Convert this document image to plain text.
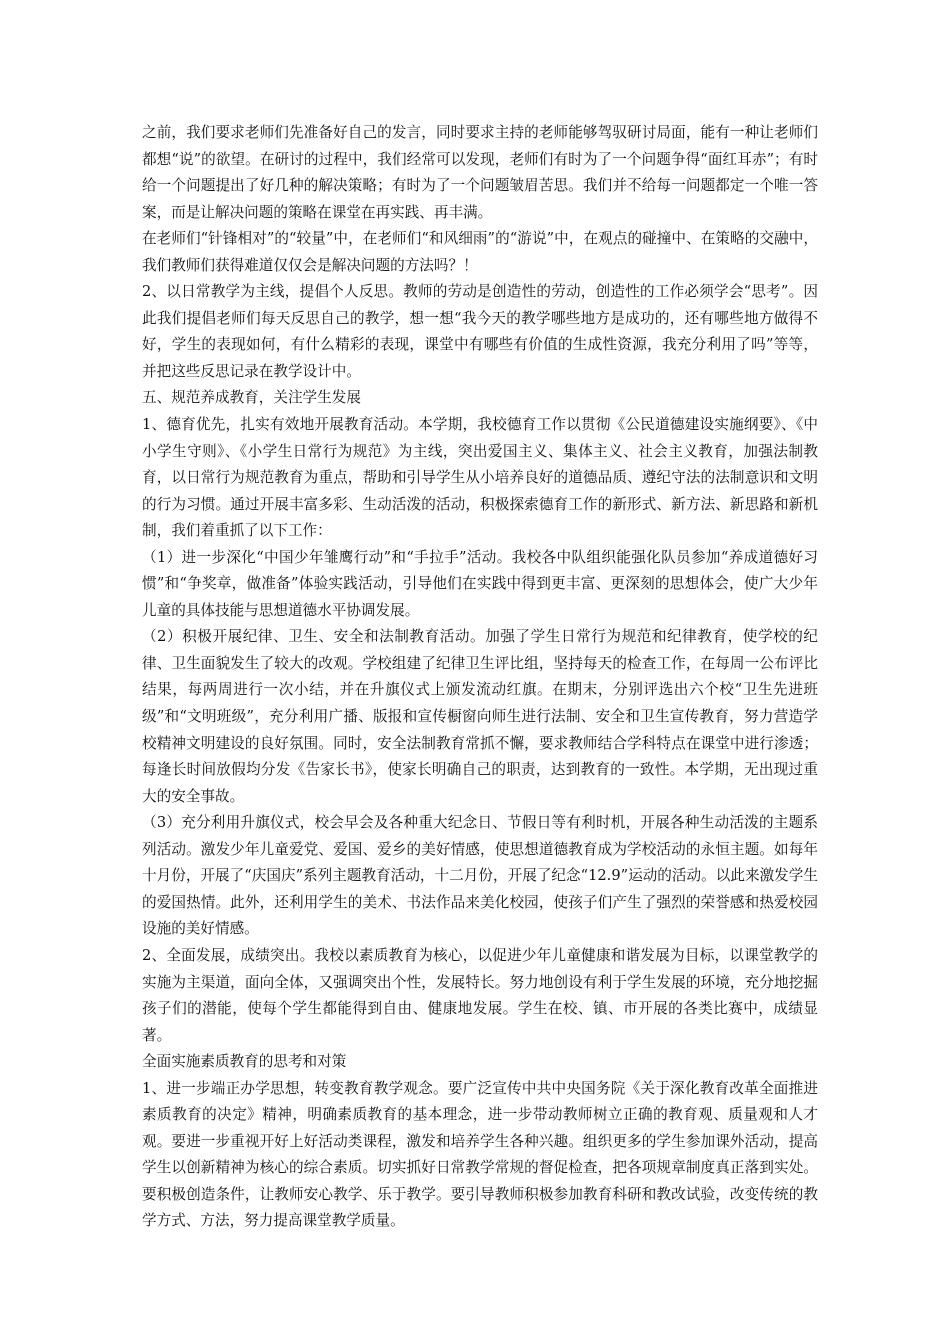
之前，我们要求老师们先准备好自己的发言，同时要求主持的老师能够驾驭研讨局面，能有一种让老师们都想“说”的欲望。在研讨的过程中，我们经常可以发现，老师们有时为了一个问题争得“面红耳赤”；有时给一个问题提出了好几种的解决策略；有时为了一个问题皱眉苦思。我们并不给每一问题都定一个唯一答案，而是让解决问题的策略在课堂在再实践、再丰满。

在老师们“针锋相对”的“较量”中，在老师们“和风细雨”的“游说”中，在观点的碰撞中、在策略的交融中，我们教师们获得难道仅仅会是解决问题的方法吗？！

2、以日常教学为主线，提倡个人反思。教师的劳动是创造性的劳动，创造性的工作必须学会“思考”。因此我们提倡老师们每天反思自己的教学，想一想“我今天的教学哪些地方是成功的，还有哪些地方做得不好，学生的表现如何，有什么精彩的表现，课堂中有哪些有价值的生成性资源，我充分利用了吗”等等，并把这些反思记录在教学设计中。

五、规范养成教育，关注学生发展

1、德育优先，扎实有效地开展教育活动。本学期，我校德育工作以贯彻《公民道德建设实施纲要》、《中小学生守则》、《小学生日常行为规范》为主线，突出爱国主义、集体主义、社会主义教育，加强法制教育，以日常行为规范教育为重点，帮助和引导学生从小培养良好的道德品质、遵纪守法的法制意识和文明的行为习惯。通过开展丰富多彩、生动活泼的活动，积极探索德育工作的新形式、新方法、新思路和新机制，我们着重抓了以下工作：

（1）进一步深化“中国少年雏鹰行动”和“手拉手”活动。我校各中队组织能强化队员参加“养成道德好习惯”和“争奖章，做准备”体验实践活动，引导他们在实践中得到更丰富、更深刻的思想体会，使广大少年儿童的具体技能与思想道德水平协调发展。

（2）积极开展纪律、卫生、安全和法制教育活动。加强了学生日常行为规范和纪律教育，使学校的纪律、卫生面貌发生了较大的改观。学校组建了纪律卫生评比组，坚持每天的检查工作，在每周一公布评比结果，每两周进行一次小结，并在升旗仪式上颁发流动红旗。在期末，分别评选出六个校“卫生先进班级”和“文明班级”，充分利用广播、版报和宣传橱窗向师生进行法制、安全和卫生宣传教育，努力营造学校精神文明建设的良好氛围。同时，安全法制教育常抓不懈，要求教师结合学科特点在课堂中进行渗透；每逢长时间放假均分发《告家长书》，使家长明确自己的职责，达到教育的一致性。本学期，无出现过重大的安全事故。

（3）充分利用升旗仪式，校会早会及各种重大纪念日、节假日等有利时机，开展各种生动活泼的主题系列活动。激发少年儿童爱党、爱国、爱乡的美好情感，使思想道德教育成为学校活动的永恒主题。如每年十月份，开展了“庆国庆”系列主题教育活动，十二月份，开展了纪念“12.9”运动的活动。以此来激发学生的爱国热情。此外，还利用学生的美术、书法作品来美化校园，使孩子们产生了强烈的荣誉感和热爱校园设施的美好情感。

2、全面发展，成绩突出。我校以素质教育为核心，以促进少年儿童健康和谐发展为目标，以课堂教学的实施为主渠道，面向全体，又强调突出个性，发展特长。努力地创设有利于学生发展的环境，充分地挖掘孩子们的潜能，使每个学生都能得到自由、健康地发展。学生在校、镇、市开展的各类比赛中，成绩显著。

全面实施素质教育的思考和对策

1、进一步端正办学思想，转变教育教学观念。要广泛宣传中共中央国务院《关于深化教育改革全面推进素质教育的决定》精神，明确素质教育的基本理念，进一步带动教师树立正确的教育观、质量观和人才观。要进一步重视开好上好活动类课程，激发和培养学生各种兴趣。组织更多的学生参加课外活动，提高学生以创新精神为核心的综合素质。切实抓好日常教学常规的督促检查，把各项规章制度真正落到实处。要积极创造条件，让教师安心教学、乐于教学。要引导教师积极参加教育科研和教改试验，改变传统的教学方式、方法，努力提高课堂教学质量。
